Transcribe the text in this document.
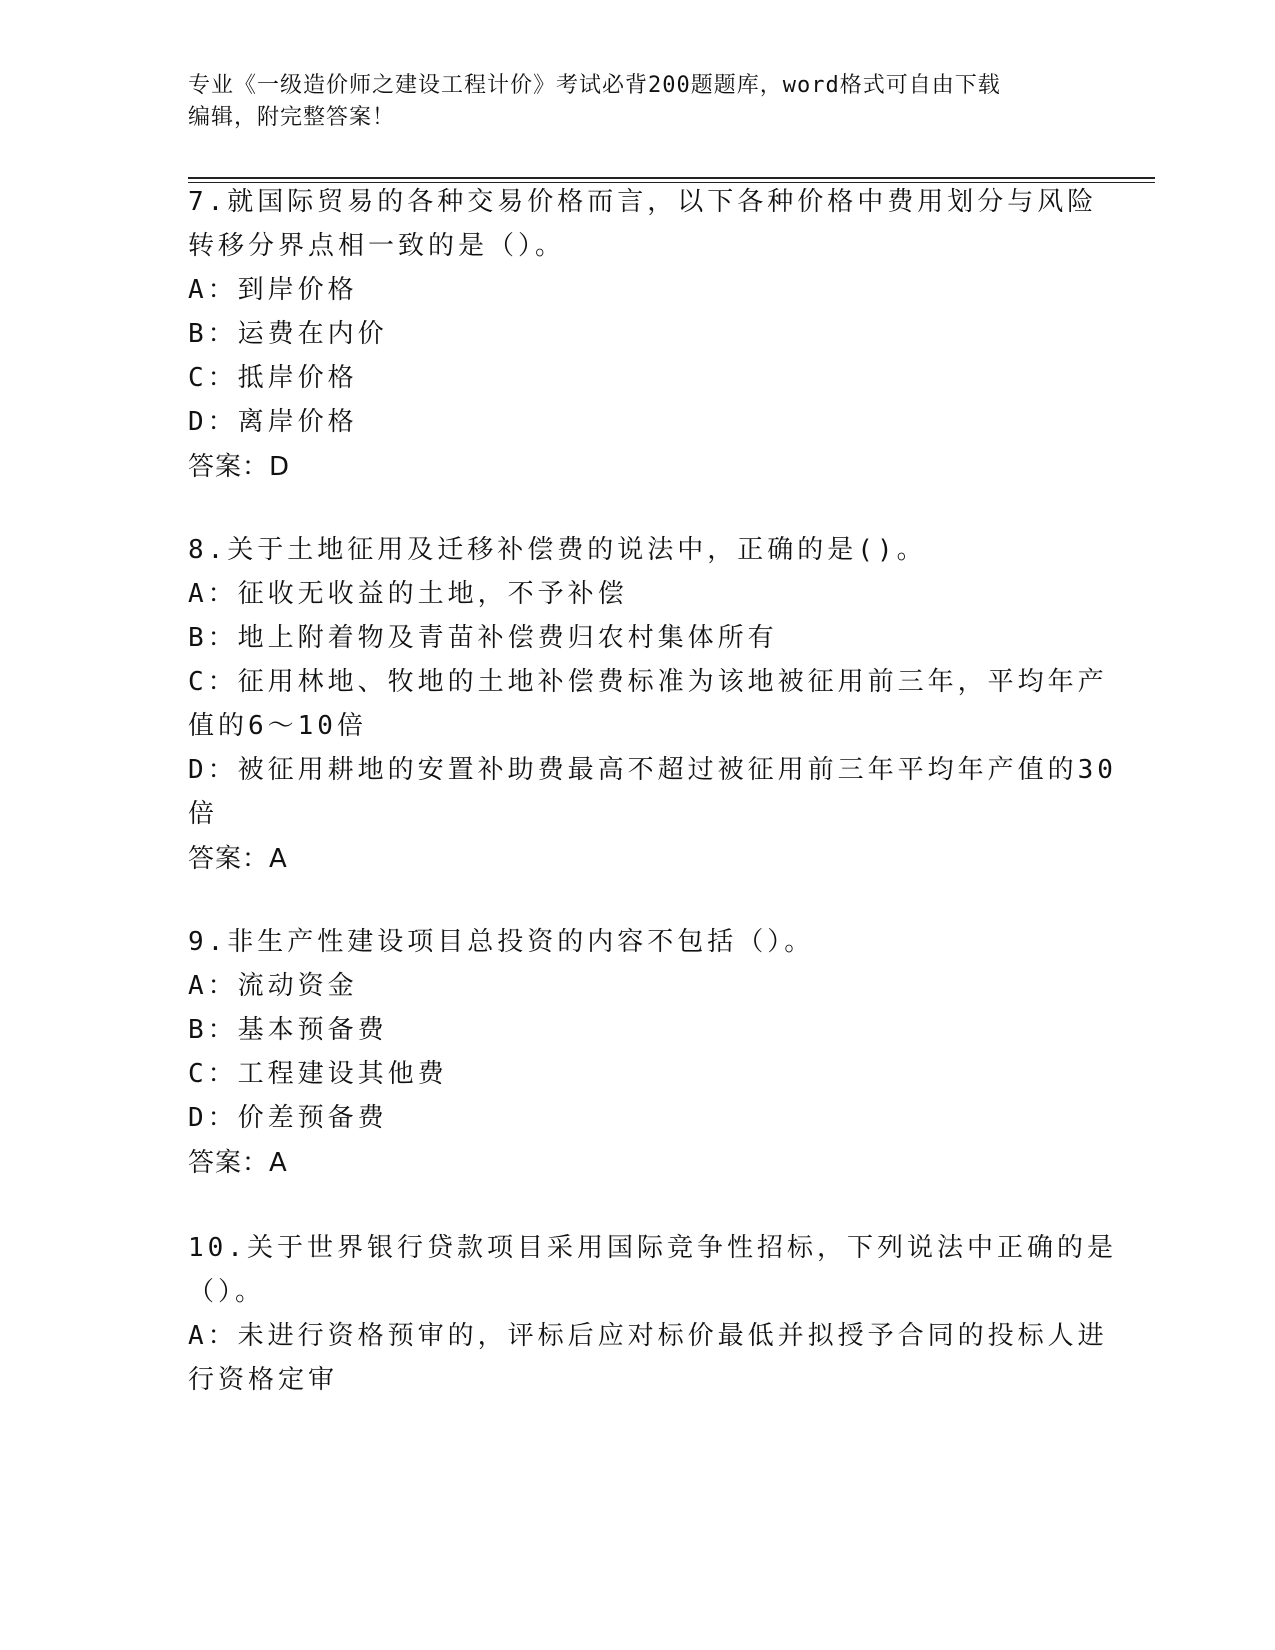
专业《一级造价师之建设工程计价》考试必背200题题库，word格式可自由下载
编辑，附完整答案！
7.就国际贸易的各种交易价格而言，以下各种价格中费用划分与风险
转移分界点相一致的是（）。
A：到岸价格
B：运费在内价
C：抵岸价格
D：离岸价格
答案：D
8.关于土地征用及迁移补偿费的说法中，正确的是()。
A：征收无收益的土地，不予补偿
B：地上附着物及青苗补偿费归农村集体所有
C：征用林地、牧地的土地补偿费标准为该地被征用前三年，平均年产
值的6～10倍
D：被征用耕地的安置补助费最高不超过被征用前三年平均年产值的30
倍
答案：A
9.非生产性建设项目总投资的内容不包括（）。
A：流动资金
B：基本预备费
C：工程建设其他费
D：价差预备费
答案：A
10.关于世界银行贷款项目采用国际竞争性招标，下列说法中正确的是
（）。
A：未进行资格预审的，评标后应对标价最低并拟授予合同的投标人进
行资格定审
